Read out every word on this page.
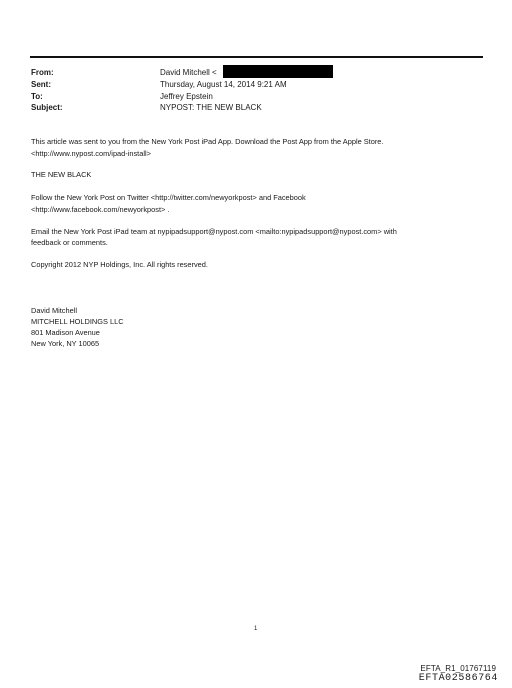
From:	David Mitchell <
Sent:	Thursday, August 14, 2014 9:21 AM
To:	Jeffrey Epstein
Subject:	NYPOST: THE NEW BLACK
This article was sent to you from the New York Post iPad App. Download the Post App from the Apple Store.
<http://www.nypost.com/ipad-install>
THE NEW BLACK
Follow the New York Post on Twitter <http://twitter.com/newyorkpost> and Facebook
<http://www.facebook.com/newyorkpost> .
Email the New York Post iPad team at nypipadsupport@nypost.com <mailto:nypipadsupport@nypost.com> with
feedback or comments.
Copyright 2012 NYP Holdings, Inc. All rights reserved.
David Mitchell
MITCHELL HOLDINGS LLC
801 Madison Avenue
New York, NY 10065
1
EFTA_R1_01767119
EFTA02586764
